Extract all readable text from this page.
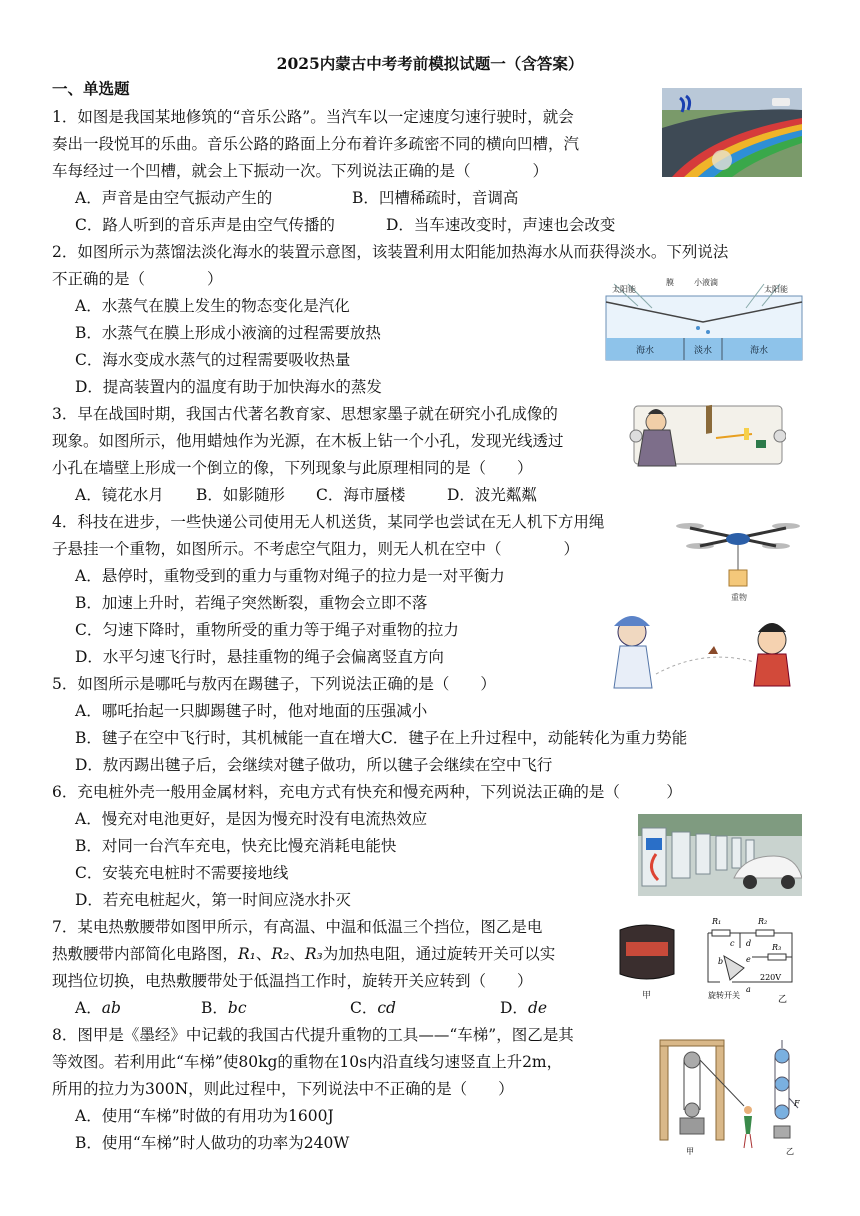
2025内蒙古中考考前模拟试题一（含答案）
一、单选题
1．如图是我国某地修筑的“音乐公路”。当汽车以一定速度匀速行驶时，就会
奏出一段悦耳的乐曲。音乐公路的路面上分布着许多疏密不同的横向凹槽，汽
车每经过一个凹槽，就会上下振动一次。下列说法正确的是（　　　　）
A．声音是由空气振动产生的	B．凹槽稀疏时，音调高
C．路人听到的音乐声是由空气传播的	D．当车速改变时，声速也会改变
2．如图所示为蒸馏法淡化海水的装置示意图，该装置利用太阳能加热海水从而获得淡水。下列说法
不正确的是（　　　　）
A．水蒸气在膜上发生的物态变化是汽化
B．水蒸气在膜上形成小液滴的过程需要放热
C．海水变成水蒸气的过程需要吸收热量
D．提高装置内的温度有助于加快海水的蒸发
太阳能
膜	小液滴
太阳能
海水	淡水	海水
3．早在战国时期，我国古代著名教育家、思想家墨子就在研究小孔成像的
现象。如图所示，他用蜡烛作为光源，在木板上钻一个小孔，发现光线透过
小孔在墙壁上形成一个倒立的像，下列现象与此原理相同的是（　　）
A．镜花水月 B．如影随形 C．海市蜃楼	D．波光粼粼
4．科技在进步，一些快递公司使用无人机送货，某同学也尝试在无人机下方用绳
子悬挂一个重物，如图所示。不考虑空气阻力，则无人机在空中（　　　　）
A．悬停时，重物受到的重力与重物对绳子的拉力是一对平衡力
B．加速上升时，若绳子突然断裂，重物会立即不落
C．匀速下降时，重物所受的重力等于绳子对重物的拉力
D．水平匀速飞行时，悬挂重物的绳子会偏离竖直方向
重物
5．如图所示是哪吒与敖丙在踢毽子，下列说法正确的是（　　）
A．哪吒抬起一只脚踢毽子时，他对地面的压强减小
B．毽子在空中飞行时，其机械能一直在增大C．毽子在上升过程中，动能转化为重力势能
D．敖丙踢出毽子后，会继续对毽子做功，所以毽子会继续在空中飞行
6．充电桩外壳一般用金属材料，充电方式有快充和慢充两种，下列说法正确的是（　　　）
A．慢充对电池更好，是因为慢充时没有电流热效应
B．对同一台汽车充电，快充比慢充消耗电能快
C．安装充电桩时不需要接地线
D．若充电桩起火，第一时间应浇水扑灭
7．某电热敷腰带如图甲所示，有高温、中温和低温三个挡位，图乙是电
热敷腰带内部简化电路图，R₁、R₂、R₃为加热电阻，通过旋转开关可以实
现挡位切换，电热敷腰带处于低温挡工作时，旋转开关应转到（　　）
A．ab	B．bc	C．cd	D．de
甲
R₁	R₂
R₃
b
c d
e
a
220V
旋转开关	乙
8．图甲是《墨经》中记载的我国古代提升重物的工具——“车梯”，图乙是其
等效图。若利用此“车梯”使80kg的重物在10s内沿直线匀速竖直上升2m，
所用的拉力为300N，则此过程中，下列说法中不正确的是（　　）
A．使用“车梯”时做的有用功为1600J
B．使用“车梯”时人做功的功率为240W	甲
F
乙
